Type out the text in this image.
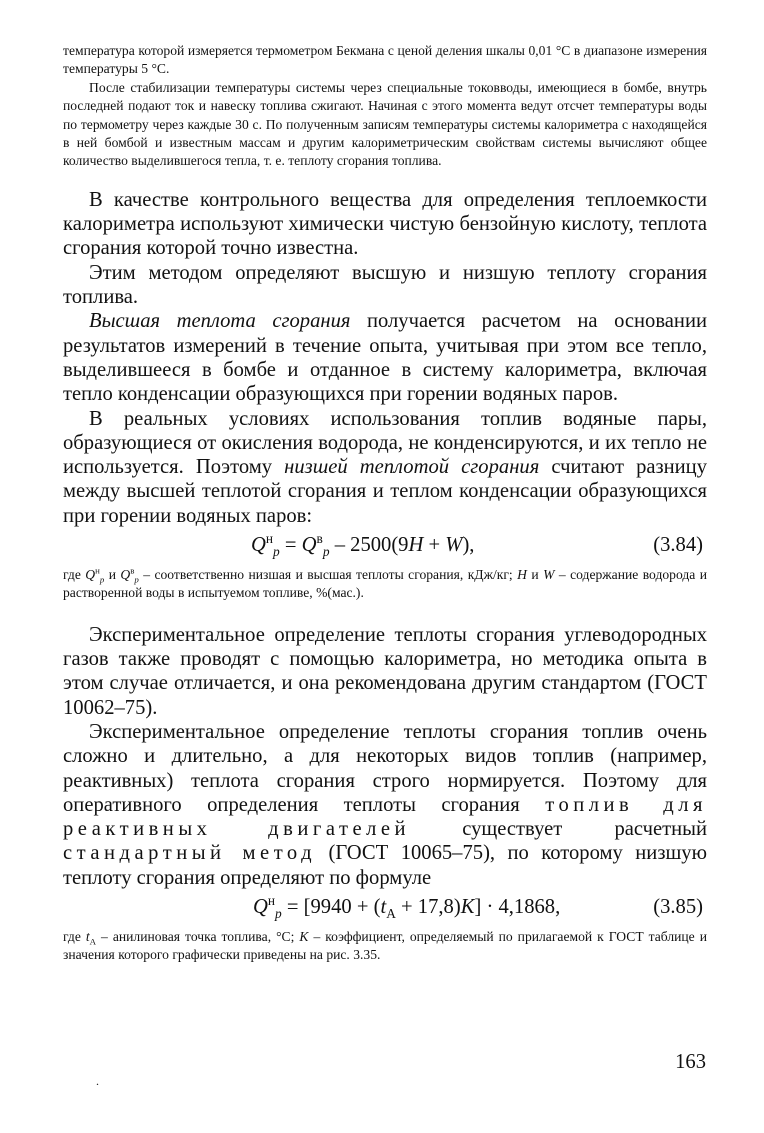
температура которой измеряется термометром Бекмана с ценой деления шкалы 0,01 °С в диапазоне измерения температуры 5 °С.

После стабилизации температуры системы через специальные токовводы, имеющиеся в бомбе, внутрь последней подают ток и навеску топлива сжигают. Начиная с этого момента ведут отсчет температуры воды по термометру через каждые 30 с. По полученным записям температуры системы калориметра с находящейся в ней бомбой и известным массам и другим калориметрическим свойствам системы вычисляют общее количество выделившегося тепла, т. е. теплоту сгорания топлива.

В качестве контрольного вещества для определения теплоемкости калориметра используют химически чистую бензойную кислоту, теплота сгорания которой точно известна.

Этим методом определяют высшую и низшую теплоту сгорания топлива.

Высшая теплота сгорания получается расчетом на основании результатов измерений в течение опыта, учитывая при этом все тепло, выделившееся в бомбе и отданное в систему калориметра, включая тепло конденсации образующихся при горении водяных паров.

В реальных условиях использования топлив водяные пары, образующиеся от окисления водорода, не конденсируются, и их тепло не используется. Поэтому низшей теплотой сгорания считают разницу между высшей теплотой сгорания и теплом конденсации образующихся при горении водяных паров:

$Q^н_p = Q^в_p - 2500(9H + W)$,	(3.84)

где $Q^н_p$ и $Q^в_p$ – соответственно низшая и высшая теплоты сгорания, кДж/кг; H и W – содержание водорода и растворенной воды в испытуемом топливе, %(мас.).

Экспериментальное определение теплоты сгорания углеводородных газов также проводят с помощью калориметра, но методика опыта в этом случае отличается, и она рекомендована другим стандартом (ГОСТ 10062–75).

Экспериментальное определение теплоты сгорания топлив очень сложно и длительно, а для некоторых видов топлив (например, реактивных) теплота сгорания строго нормируется. Поэтому для оперативного определения теплоты сгорания топлив для реактивных двигателей существует расчетный стандартный метод (ГОСТ 10065–75), по которому низшую теплоту сгорания определяют по формуле

$Q^н_p = [9940 + (t_A + 17,8)K] \cdot 4,1868$,	(3.85)

где $t_A$ – анилиновая точка топлива, °С; K – коэффициент, определяемый по прилагаемой к ГОСТ таблице и значения которого графически приведены на рис. 3.35.

163
.
